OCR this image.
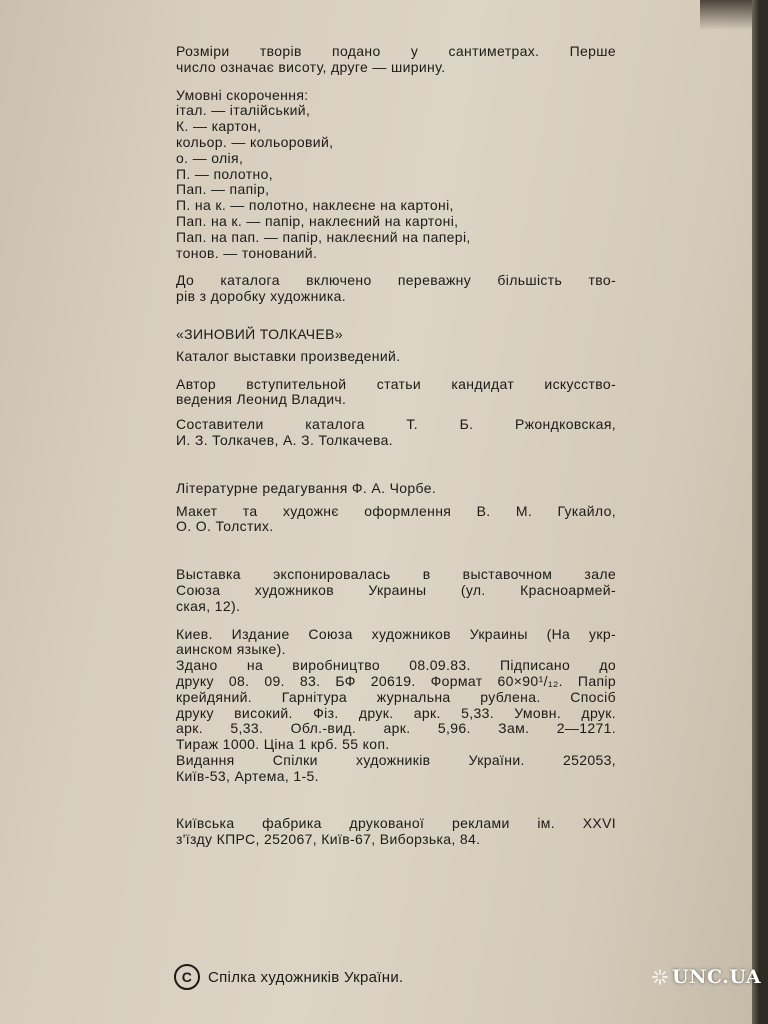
Розміри творів подано у сантиметрах. Перше
число означає висоту, друге — ширину.
Умовні скорочення:
італ. — італійський,
К. — картон,
кольор. — кольоровий,
о. — олія,
П. — полотно,
Пап. — папір,
П. на к. — полотно, наклеєне на картоні,
Пап. на к. — папір, наклеєний на картоні,
Пап. на пап. — папір, наклеєний на папері,
тонов. — тонований.
До каталога включено переважну більшість тво-
рів з доробку художника.
«ЗИНОВИЙ ТОЛКАЧЕВ»
Каталог выставки произведений.
Автор вступительной статьи кандидат искусство-
ведения Леонид Владич.
Составители каталога Т. Б. Ржондковская,
И. З. Толкачев, А. З. Толкачева.
Літературне редагування Ф. А. Чорбе.
Макет та художнє оформлення В. М. Гукайло,
О. О. Толстих.
Выставка экспонировалась в выставочном зале
Союза художников Украины (ул. Красноармей-
ская, 12).
Киев. Издание Союза художников Украины (На укр-
аинском языке).
Здано на виробництво 08.09.83. Підписано до
друку 08. 09. 83. БФ 20619. Формат 60×90¹/₁₂. Папір
крейдяний. Гарнітура журнальна рублена. Спосіб
друку високий. Фіз. друк. арк. 5,33. Умовн. друк.
арк. 5,33. Обл.-вид. арк. 5,96. Зам. 2—1271.
Тираж 1000. Ціна 1 крб. 55 коп.
Видання Спілки художників України. 252053,
Київ-53, Артема, 1-5.
Київська фабрика друкованої реклами ім. XXVI
з'їзду КПРС, 252067, Київ-67, Виборзька, 84.
C	Спілка художників України.	UNC.UA
